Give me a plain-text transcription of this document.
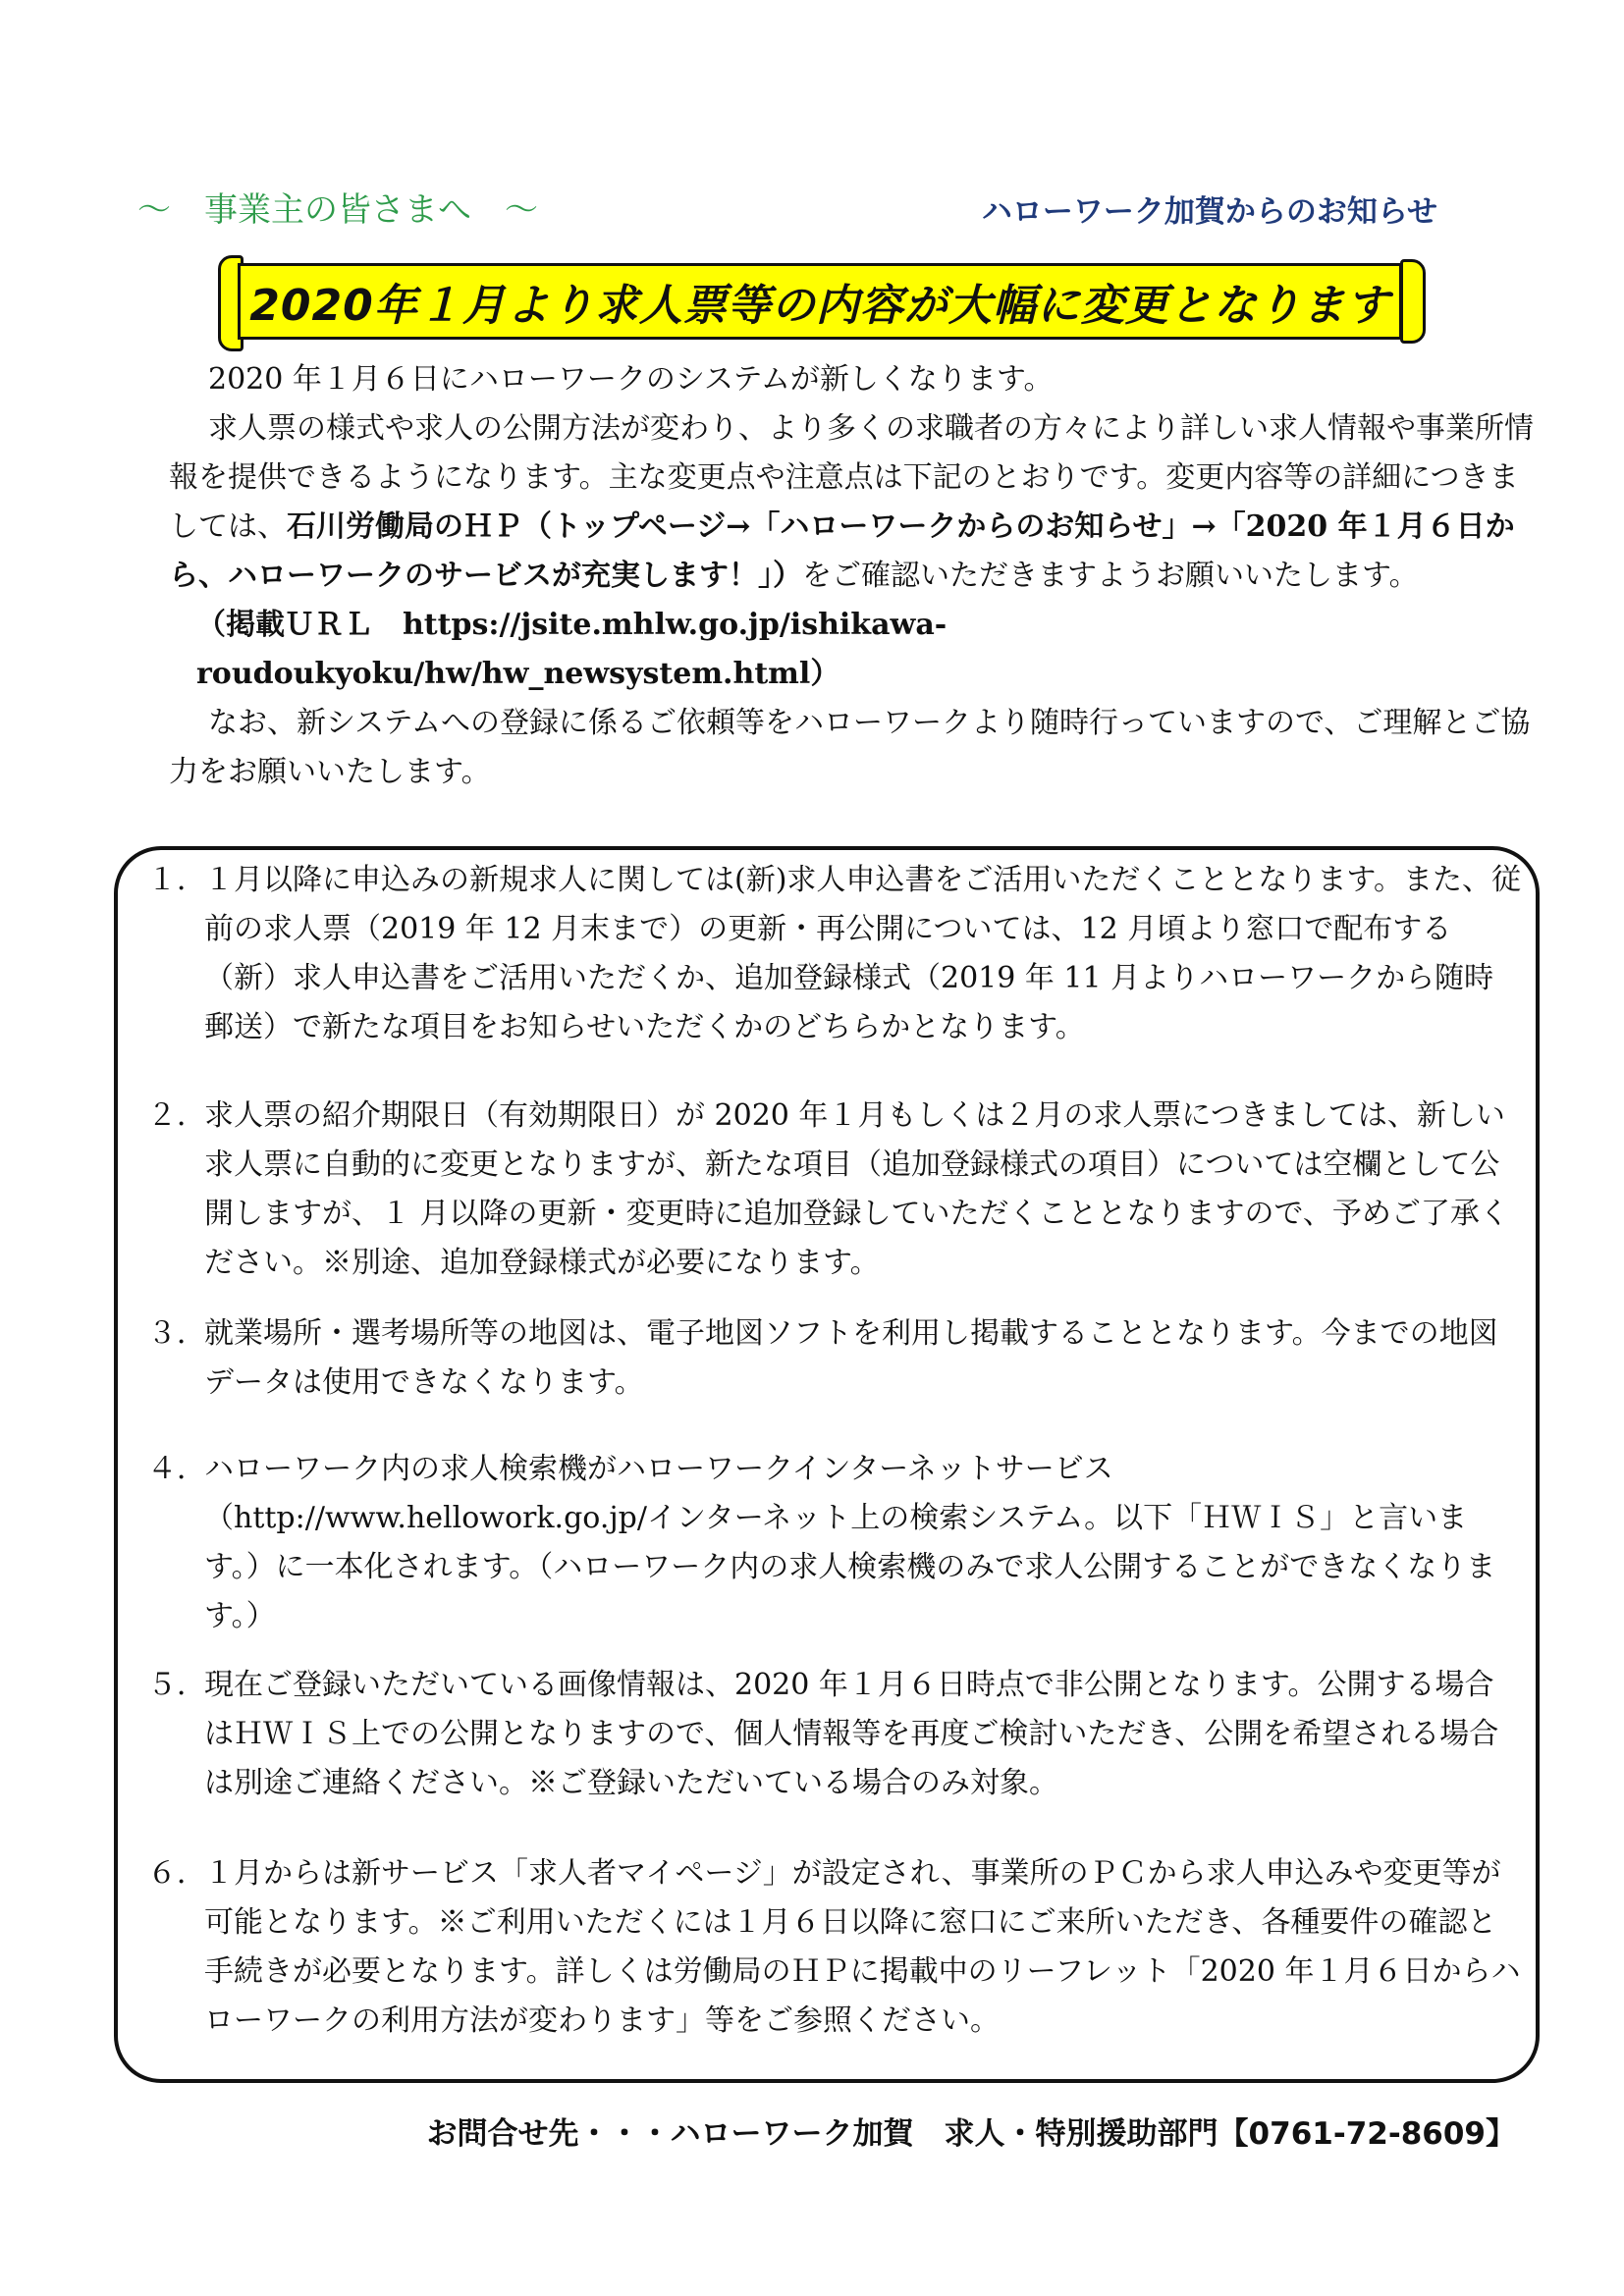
～　事業主の皆さまへ　～	ハローワーク加賀からのお知らせ
2020年１月より求人票等の内容が大幅に変更となります

2020 年１月６日にハローワークのシステムが新しくなります。

求人票の様式や求人の公開方法が変わり、より多くの求職者の方々により詳しい求人情報や事業所情報を提供できるようになります。主な変更点や注意点は下記のとおりです。変更内容等の詳細につきましては、石川労働局のＨＰ（トップページ→「ハローワークからのお知らせ」→「2020 年１月６日から、ハローワークのサービスが充実します！」）をご確認いただきますようお願いいたします。

（掲載ＵＲＬ　https://jsite.mhlw.go.jp/ishikawa-roudoukyoku/hw/hw_newsystem.html）

なお、新システムへの登録に係るご依頼等をハローワークより随時行っていますので、ご理解とご協力をお願いいたします。

１．
１月以降に申込みの新規求人に関しては(新)求人申込書をご活用いただくこととなります。また、従前の求人票（2019 年 12 月末まで）の更新・再公開については、12 月頃より窓口で配布する（新）求人申込書をご活用いただくか、追加登録様式（2019 年 11 月よりハローワークから随時郵送）で新たな項目をお知らせいただくかのどちらかとなります。
２．
求人票の紹介期限日（有効期限日）が 2020 年１月もしくは２月の求人票につきましては、新しい求人票に自動的に変更となりますが、新たな項目（追加登録様式の項目）については空欄として公開しますが、１ 月以降の更新・変更時に追加登録していただくこととなりますので、予めご了承ください。※別途、追加登録様式が必要になります。
３．
就業場所・選考場所等の地図は、電子地図ソフトを利用し掲載することとなります。今までの地図データは使用できなくなります。
４．
ハローワーク内の求人検索機がハローワークインターネットサービス（http://www.hellowork.go.jp/インターネット上の検索システム。以下「ＨＷＩＳ」と言います。）に一本化されます。（ハローワーク内の求人検索機のみで求人公開することができなくなります。）
５．
現在ご登録いただいている画像情報は、2020 年１月６日時点で非公開となります。公開する場合はＨＷＩＳ上での公開となりますので、個人情報等を再度ご検討いただき、公開を希望される場合は別途ご連絡ください。※ご登録いただいている場合のみ対象。
６．
１月からは新サービス「求人者マイページ」が設定され、事業所のＰＣから求人申込みや変更等が可能となります。※ご利用いただくには１月６日以降に窓口にご来所いただき、各種要件の確認と手続きが必要となります。詳しくは労働局のＨＰに掲載中のリーフレット「2020 年１月６日からハローワークの利用方法が変わります」等をご参照ください。
お問合せ先・・・ハローワーク加賀　求人・特別援助部門【0761-72-8609】
